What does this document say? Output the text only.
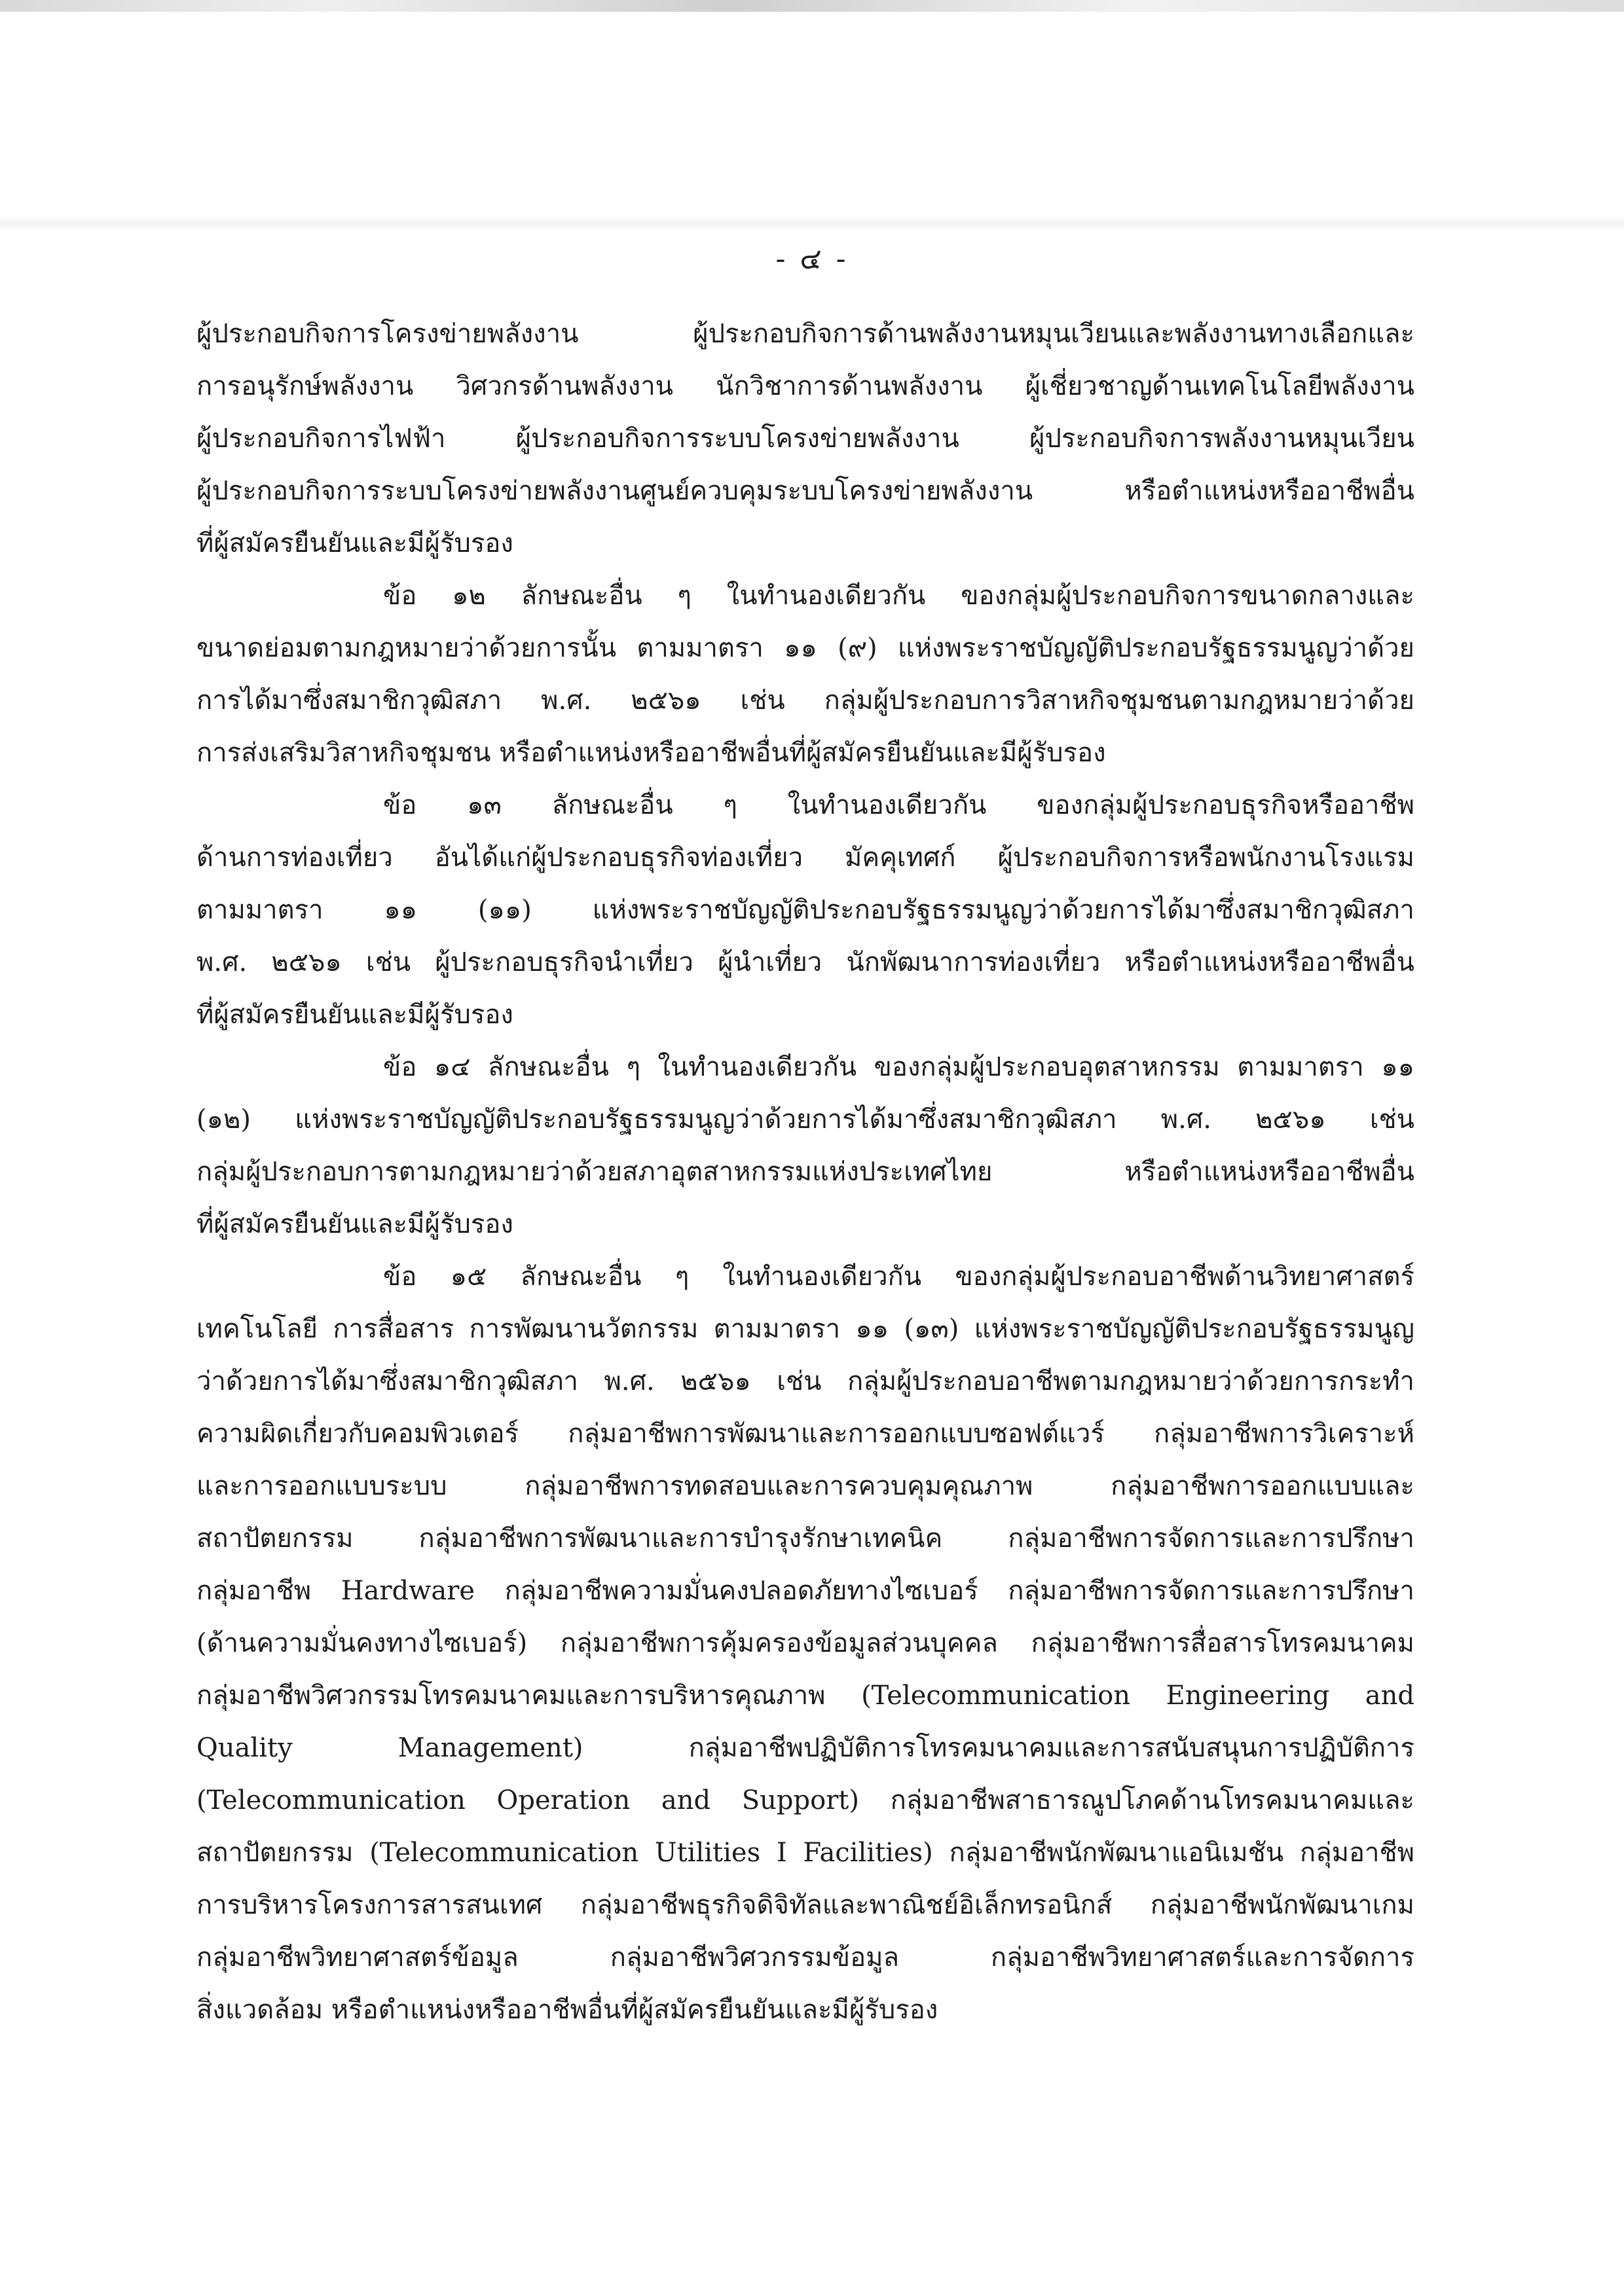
- ๔ -
ผู้ประกอบกิจการโครงข่ายพลังงาน ผู้ประกอบกิจการด้านพลังงานหมุนเวียนและพลังงานทางเลือกและ
การอนุรักษ์พลังงาน วิศวกรด้านพลังงาน นักวิชาการด้านพลังงาน ผู้เชี่ยวชาญด้านเทคโนโลยีพลังงาน
ผู้ประกอบกิจการไฟฟ้า ผู้ประกอบกิจการระบบโครงข่ายพลังงาน ผู้ประกอบกิจการพลังงานหมุนเวียน
ผู้ประกอบกิจการระบบโครงข่ายพลังงานศูนย์ควบคุมระบบโครงข่ายพลังงาน หรือตำแหน่งหรืออาชีพอื่น
ที่ผู้สมัครยืนยันและมีผู้รับรอง
ข้อ ๑๒ ลักษณะอื่น ๆ ในทำนองเดียวกัน ของกลุ่มผู้ประกอบกิจการขนาดกลางและ
ขนาดย่อมตามกฎหมายว่าด้วยการนั้น ตามมาตรา ๑๑ (๙) แห่งพระราชบัญญัติประกอบรัฐธรรมนูญว่าด้วย
การได้มาซึ่งสมาชิกวุฒิสภา พ.ศ. ๒๕๖๑ เช่น กลุ่มผู้ประกอบการวิสาหกิจชุมชนตามกฎหมายว่าด้วย
การส่งเสริมวิสาหกิจชุมชน หรือตำแหน่งหรืออาชีพอื่นที่ผู้สมัครยืนยันและมีผู้รับรอง
ข้อ ๑๓ ลักษณะอื่น ๆ ในทำนองเดียวกัน ของกลุ่มผู้ประกอบธุรกิจหรืออาชีพ
ด้านการท่องเที่ยว อันได้แก่ผู้ประกอบธุรกิจท่องเที่ยว มัคคุเทศก์ ผู้ประกอบกิจการหรือพนักงานโรงแรม
ตามมาตรา ๑๑ (๑๑) แห่งพระราชบัญญัติประกอบรัฐธรรมนูญว่าด้วยการได้มาซึ่งสมาชิกวุฒิสภา
พ.ศ. ๒๕๖๑ เช่น ผู้ประกอบธุรกิจนำเที่ยว ผู้นำเที่ยว นักพัฒนาการท่องเที่ยว หรือตำแหน่งหรืออาชีพอื่น
ที่ผู้สมัครยืนยันและมีผู้รับรอง
ข้อ ๑๔ ลักษณะอื่น ๆ ในทำนองเดียวกัน ของกลุ่มผู้ประกอบอุตสาหกรรม ตามมาตรา ๑๑
(๑๒) แห่งพระราชบัญญัติประกอบรัฐธรรมนูญว่าด้วยการได้มาซึ่งสมาชิกวุฒิสภา พ.ศ. ๒๕๖๑ เช่น
กลุ่มผู้ประกอบการตามกฎหมายว่าด้วยสภาอุตสาหกรรมแห่งประเทศไทย หรือตำแหน่งหรืออาชีพอื่น
ที่ผู้สมัครยืนยันและมีผู้รับรอง
ข้อ ๑๕ ลักษณะอื่น ๆ ในทำนองเดียวกัน ของกลุ่มผู้ประกอบอาชีพด้านวิทยาศาสตร์
เทคโนโลยี การสื่อสาร การพัฒนานวัตกรรม ตามมาตรา ๑๑ (๑๓) แห่งพระราชบัญญัติประกอบรัฐธรรมนูญ
ว่าด้วยการได้มาซึ่งสมาชิกวุฒิสภา พ.ศ. ๒๕๖๑ เช่น กลุ่มผู้ประกอบอาชีพตามกฎหมายว่าด้วยการกระทำ
ความผิดเกี่ยวกับคอมพิวเตอร์ กลุ่มอาชีพการพัฒนาและการออกแบบซอฟต์แวร์ กลุ่มอาชีพการวิเคราะห์
และการออกแบบระบบ กลุ่มอาชีพการทดสอบและการควบคุมคุณภาพ กลุ่มอาชีพการออกแบบและ
สถาปัตยกรรม กลุ่มอาชีพการพัฒนาและการบำรุงรักษาเทคนิค กลุ่มอาชีพการจัดการและการปรึกษา
กลุ่มอาชีพ Hardware กลุ่มอาชีพความมั่นคงปลอดภัยทางไซเบอร์ กลุ่มอาชีพการจัดการและการปรึกษา
(ด้านความมั่นคงทางไซเบอร์) กลุ่มอาชีพการคุ้มครองข้อมูลส่วนบุคคล กลุ่มอาชีพการสื่อสารโทรคมนาคม
กลุ่มอาชีพวิศวกรรมโทรคมนาคมและการบริหารคุณภาพ (Telecommunication Engineering and
Quality Management) กลุ่มอาชีพปฏิบัติการโทรคมนาคมและการสนับสนุนการปฏิบัติการ
(Telecommunication Operation and Support) กลุ่มอาชีพสาธารณูปโภคด้านโทรคมนาคมและ
สถาปัตยกรรม (Telecommunication Utilities I Facilities) กลุ่มอาชีพนักพัฒนาแอนิเมชัน กลุ่มอาชีพ
การบริหารโครงการสารสนเทศ กลุ่มอาชีพธุรกิจดิจิทัลและพาณิชย์อิเล็กทรอนิกส์ กลุ่มอาชีพนักพัฒนาเกม
กลุ่มอาชีพวิทยาศาสตร์ข้อมูล กลุ่มอาชีพวิศวกรรมข้อมูล กลุ่มอาชีพวิทยาศาสตร์และการจัดการ
สิ่งแวดล้อม หรือตำแหน่งหรืออาชีพอื่นที่ผู้สมัครยืนยันและมีผู้รับรอง
